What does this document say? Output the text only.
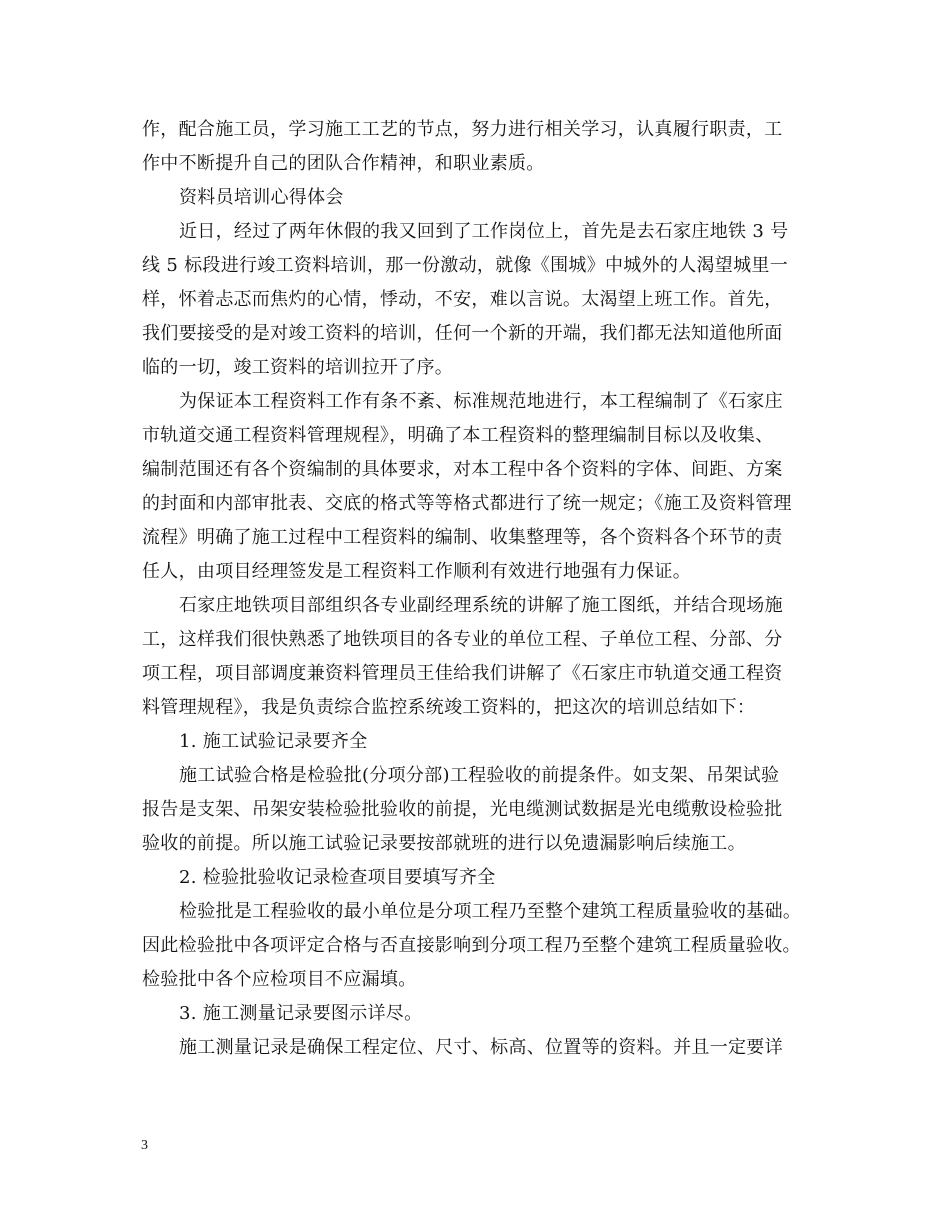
作，配合施工员，学习施工工艺的节点，努力进行相关学习，认真履行职责，工
作中不断提升自己的团队合作精神，和职业素质。
资料员培训心得体会
近日，经过了两年休假的我又回到了工作岗位上，首先是去石家庄地铁 3 号
线 5 标段进行竣工资料培训，那一份激动，就像《围城》中城外的人渴望城里一
样，怀着忐忑而焦灼的心情，悸动，不安，难以言说。太渴望上班工作。首先，
我们要接受的是对竣工资料的培训，任何一个新的开端，我们都无法知道他所面
临的一切，竣工资料的培训拉开了序。
为保证本工程资料工作有条不紊、标准规范地进行，本工程编制了《石家庄
市轨道交通工程资料管理规程》，明确了本工程资料的整理编制目标以及收集、
编制范围还有各个资编制的具体要求，对本工程中各个资料的字体、间距、方案
的封面和内部审批表、交底的格式等等格式都进行了统一规定；《施工及资料管理
流程》明确了施工过程中工程资料的编制、收集整理等，各个资料各个环节的责
任人，由项目经理签发是工程资料工作顺利有效进行地强有力保证。
石家庄地铁项目部组织各专业副经理系统的讲解了施工图纸，并结合现场施
工，这样我们很快熟悉了地铁项目的各专业的单位工程、子单位工程、分部、分
项工程，项目部调度兼资料管理员王佳给我们讲解了《石家庄市轨道交通工程资
料管理规程》，我是负责综合监控系统竣工资料的，把这次的培训总结如下：
1. 施工试验记录要齐全
施工试验合格是检验批(分项分部)工程验收的前提条件。如支架、吊架试验
报告是支架、吊架安装检验批验收的前提，光电缆测试数据是光电缆敷设检验批
验收的前提。所以施工试验记录要按部就班的进行以免遗漏影响后续施工。
2. 检验批验收记录检查项目要填写齐全
检验批是工程验收的最小单位是分项工程乃至整个建筑工程质量验收的基础。
因此检验批中各项评定合格与否直接影响到分项工程乃至整个建筑工程质量验收。
检验批中各个应检项目不应漏填。
3. 施工测量记录要图示详尽。
施工测量记录是确保工程定位、尺寸、标高、位置等的资料。并且一定要详
3
